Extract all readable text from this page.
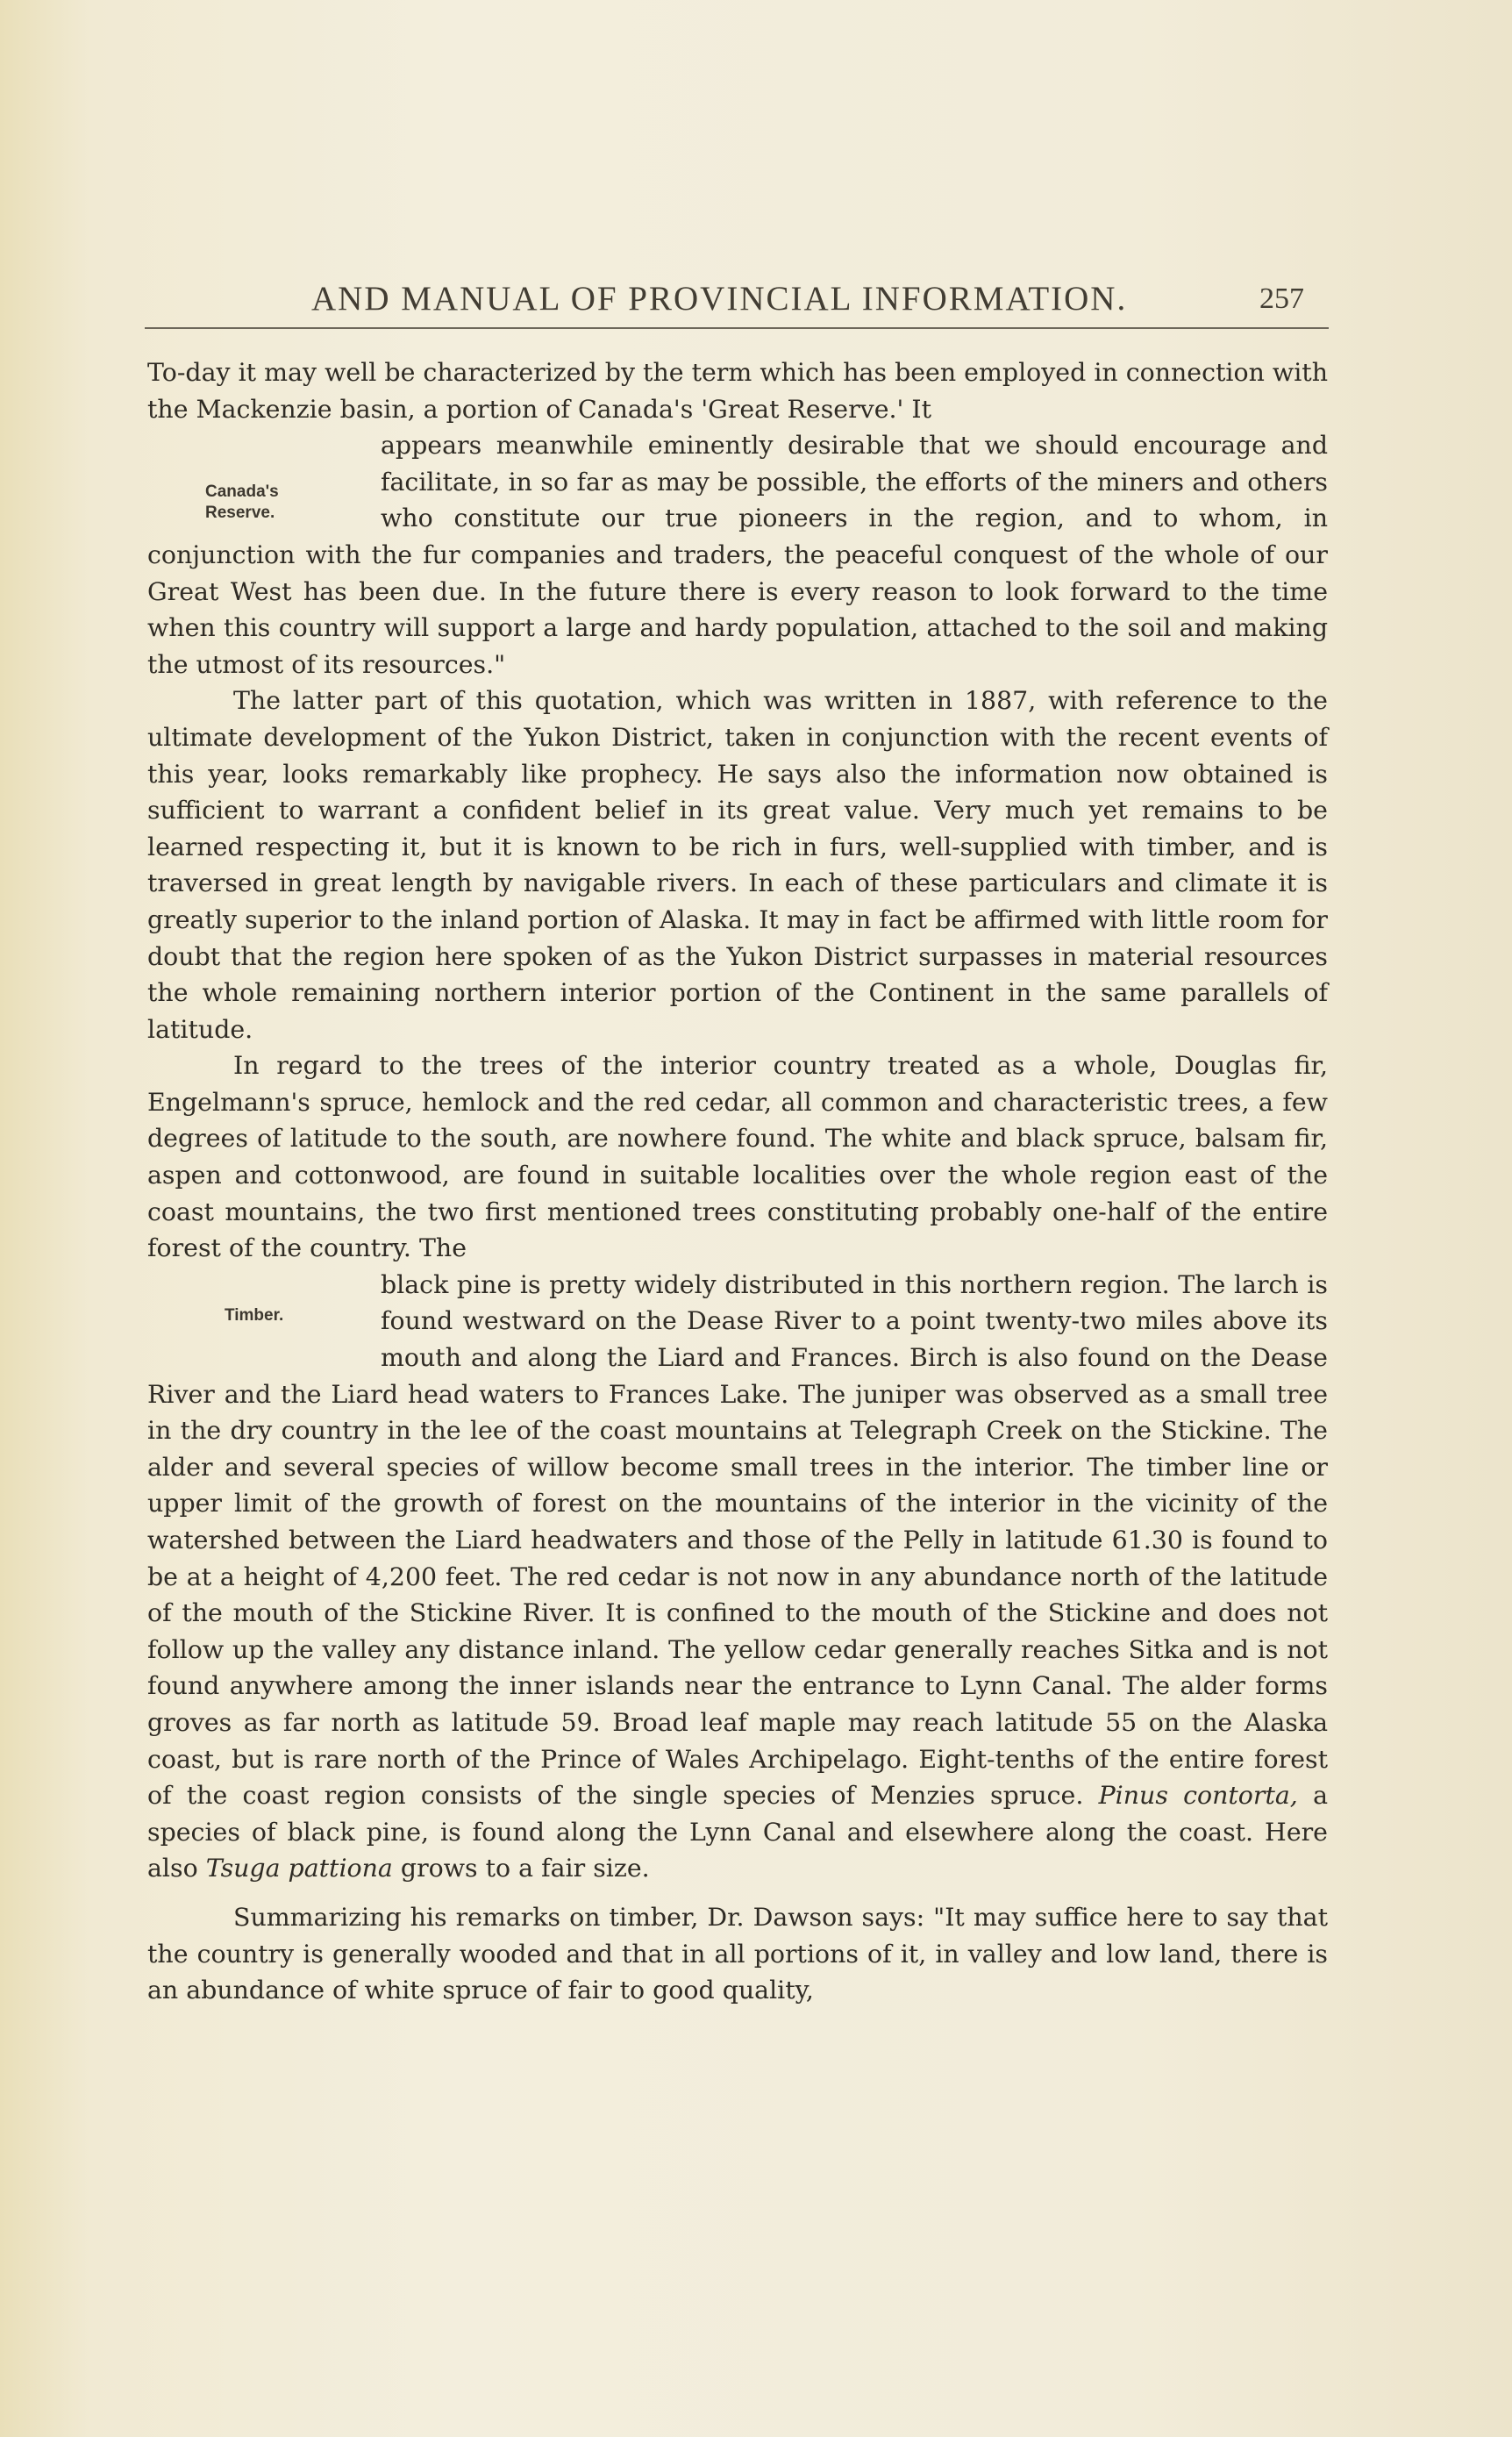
AND MANUAL OF PROVINCIAL INFORMATION.	257

To-day it may well be characterized by the term which has been employed in connection with the Mackenzie basin, a portion of Canada's 'Great Reserve.' It

Canada's Reserve.
appears meanwhile eminently desirable that we should encourage and facilitate, in so far as may be possible, the efforts of the miners and others who constitute our true pioneers in the region, and to whom, in conjunction with the fur companies and traders, the peaceful conquest of the whole of our Great West has been due. In the future there is every reason to look forward to the time when this country will support a large and hardy population, attached to the soil and making the utmost of its resources."

The latter part of this quotation, which was written in 1887, with reference to the ultimate development of the Yukon District, taken in conjunction with the recent events of this year, looks remarkably like prophecy. He says also the information now obtained is sufficient to warrant a confident belief in its great value. Very much yet remains to be learned respecting it, but it is known to be rich in furs, well-supplied with timber, and is traversed in great length by navigable rivers. In each of these particulars and climate it is greatly superior to the inland portion of Alaska. It may in fact be affirmed with little room for doubt that the region here spoken of as the Yukon District surpasses in material resources the whole remaining northern interior portion of the Continent in the same parallels of latitude.

In regard to the trees of the interior country treated as a whole, Douglas fir, Engelmann's spruce, hemlock and the red cedar, all common and characteristic trees, a few degrees of latitude to the south, are nowhere found. The white and black spruce, balsam fir, aspen and cottonwood, are found in suitable localities over the whole region east of the coast mountains, the two first mentioned trees constituting probably one-half of the entire forest of the country. The

Timber.
black pine is pretty widely distributed in this northern region. The larch is found westward on the Dease River to a point twenty-two miles above its mouth and along the Liard and Frances. Birch is also found on the Dease River and the Liard head waters to Frances Lake. The juniper was observed as a small tree in the dry country in the lee of the coast mountains at Telegraph Creek on the Stickine. The alder and several species of willow become small trees in the interior. The timber line or upper limit of the growth of forest on the mountains of the interior in the vicinity of the watershed between the Liard headwaters and those of the Pelly in latitude 61.30 is found to be at a height of 4,200 feet. The red cedar is not now in any abundance north of the latitude of the mouth of the Stickine River. It is confined to the mouth of the Stickine and does not follow up the valley any distance inland. The yellow cedar generally reaches Sitka and is not found anywhere among the inner islands near the entrance to Lynn Canal. The alder forms groves as far north as latitude 59. Broad leaf maple may reach latitude 55 on the Alaska coast, but is rare north of the Prince of Wales Archipelago. Eight-tenths of the entire forest of the coast region consists of the single species of Menzies spruce. Pinus contorta, a species of black pine, is found along the Lynn Canal and elsewhere along the coast. Here also Tsuga pattiona grows to a fair size.

Summarizing his remarks on timber, Dr. Dawson says: "It may suffice here to say that the country is generally wooded and that in all portions of it, in valley and low land, there is an abundance of white spruce of fair to good quality,
